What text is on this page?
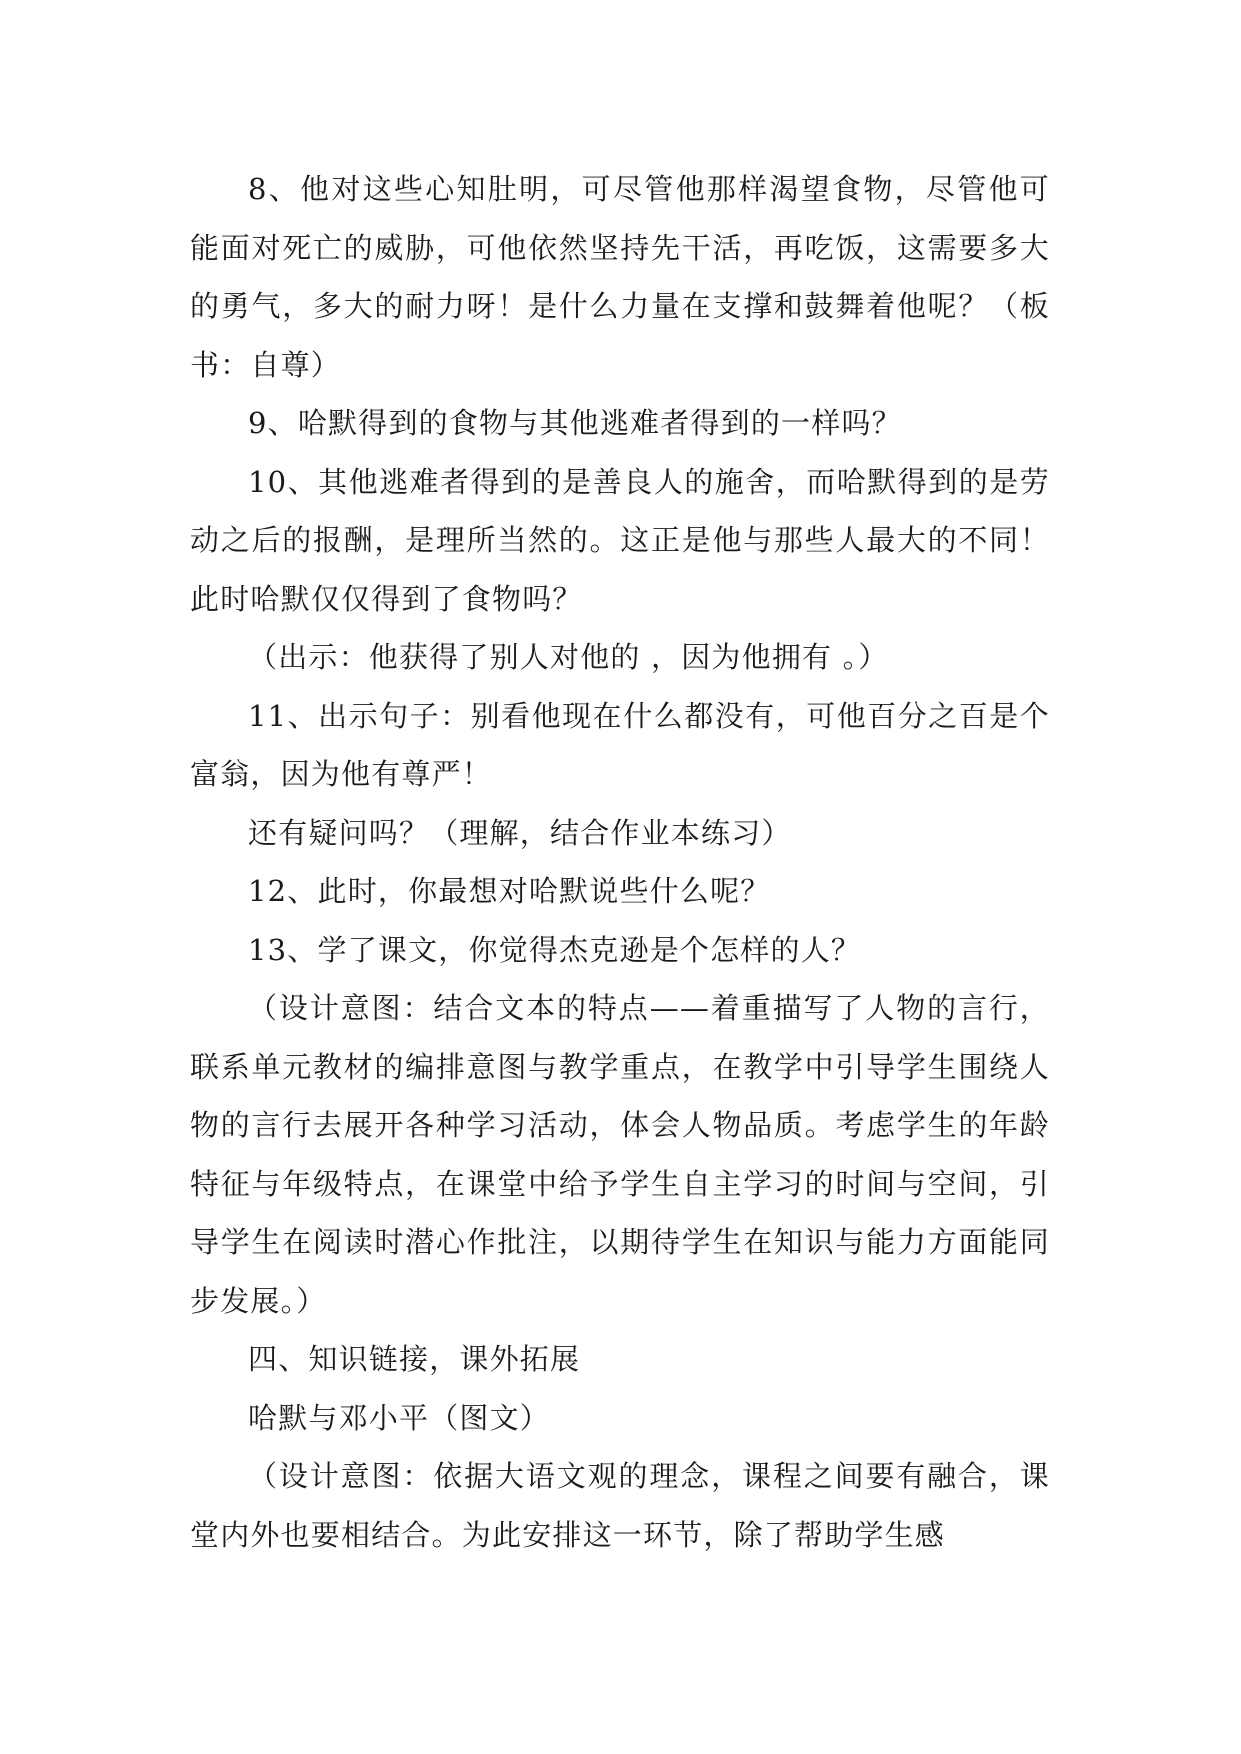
8、他对这些心知肚明，可尽管他那样渴望食物，尽管他可能面对死亡的威胁，可他依然坚持先干活，再吃饭，这需要多大的勇气，多大的耐力呀！是什么力量在支撑和鼓舞着他呢？（板书：自尊）

9、哈默得到的食物与其他逃难者得到的一样吗？

10、其他逃难者得到的是善良人的施舍，而哈默得到的是劳动之后的报酬，是理所当然的。这正是他与那些人最大的不同！此时哈默仅仅得到了食物吗？

（出示：他获得了别人对他的 ，因为他拥有 。）

11、出示句子：别看他现在什么都没有，可他百分之百是个富翁，因为他有尊严！

还有疑问吗？（理解，结合作业本练习）

12、此时，你最想对哈默说些什么呢？

13、学了课文，你觉得杰克逊是个怎样的人？

（设计意图：结合文本的特点——着重描写了人物的言行，联系单元教材的编排意图与教学重点，在教学中引导学生围绕人物的言行去展开各种学习活动，体会人物品质。考虑学生的年龄特征与年级特点，在课堂中给予学生自主学习的时间与空间，引导学生在阅读时潜心作批注，以期待学生在知识与能力方面能同步发展。）

四、知识链接，课外拓展

哈默与邓小平（图文）

（设计意图：依据大语文观的理念，课程之间要有融合，课堂内外也要相结合。为此安排这一环节，除了帮助学生感
